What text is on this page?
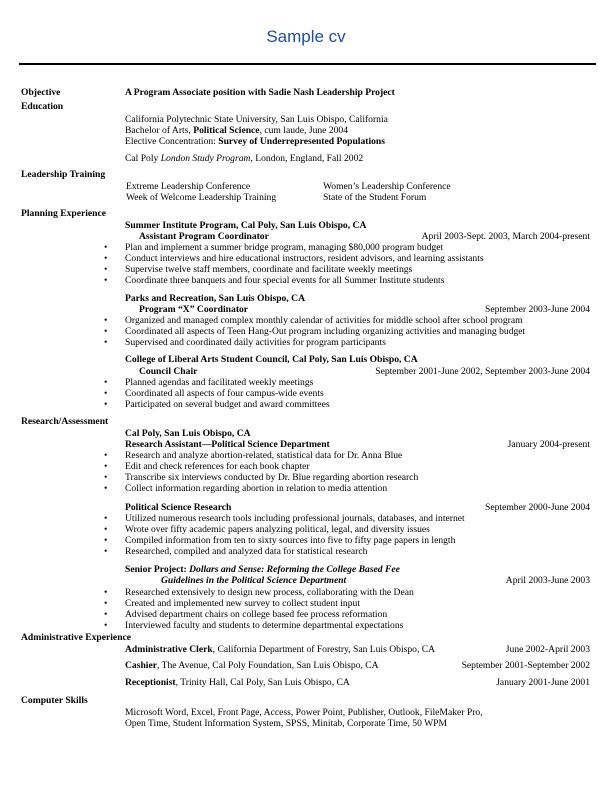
Sample cv
Objective	A Program Associate position with Sadie Nash Leadership Project
Education
California Polytechnic State University, San Luis Obispo, California
Bachelor of Arts, Political Science, cum laude, June 2004
Elective Concentration: Survey of Underrepresented Populations
Cal Poly London Study Program, London, England, Fall 2002
Leadership Training
Extreme Leadership Conference	Women’s Leadership Conference
Week of Welcome Leadership Training	State of the Student Forum
Planning Experience
Summer Institute Program, Cal Poly, San Luis Obispo, CA
Assistant Program Coordinator	April 2003-Sept. 2003, March 2004-present
• Plan and implement a summer bridge program, managing $80,000 program budget
• Conduct interviews and hire educational instructors, resident advisors, and learning assistants
• Supervise twelve staff members, coordinate and facilitate weekly meetings
• Coordinate three banquets and four special events for all Summer Institute students
Parks and Recreation, San Luis Obispo, CA
Program “X” Coordinator	September 2003-June 2004
• Organized and managed complex monthly calendar of activities for middle school after school program
• Coordinated all aspects of Teen Hang-Out program including organizing activities and managing budget
• Supervised and coordinated daily activities for program participants
College of Liberal Arts Student Council, Cal Poly, San Luis Obispo, CA
Council Chair	September 2001-June 2002, September 2003-June 2004
• Planned agendas and facilitated weekly meetings
• Coordinated all aspects of four campus-wide events
• Participated on several budget and award committees
Research/Assessment
Cal Poly, San Luis Obispo, CA
Research Assistant—Political Science Department	January 2004-present
• Research and analyze abortion-related, statistical data for Dr. Anna Blue
• Edit and check references for each book chapter
• Transcribe six interviews conducted by Dr. Blue regarding abortion research
• Collect information regarding abortion in relation to media attention
Political Science Research	September 2000-June 2004
• Utilized numerous research tools including professional journals, databases, and internet
• Wrote over fifty academic papers analyzing political, legal, and diversity issues
• Compiled information from ten to sixty sources into five to fifty page papers in length
• Researched, compiled and analyzed data for statistical research
Senior Project: Dollars and Sense: Reforming the College Based Fee
Guidelines in the Political Science Department	April 2003-June 2003
• Researched extensively to design new process, collaborating with the Dean
• Created and implemented new survey to collect student input
• Advised department chairs on college based fee process reformation
• Interviewed faculty and students to determine departmental expectations
Administrative Experience
Administrative Clerk, California Department of Forestry, San Luis Obispo, CA	June 2002-April 2003
Cashier, The Avenue, Cal Poly Foundation, San Luis Obispo, CA	September 2001-September 2002
Receptionist, Trinity Hall, Cal Poly, San Luis Obispo, CA	January 2001-June 2001
Computer Skills
Microsoft Word, Excel, Front Page, Access, Power Point, Publisher, Outlook, FileMaker Pro,
Open Time, Student Information System, SPSS, Minitab, Corporate Time, 50 WPM
